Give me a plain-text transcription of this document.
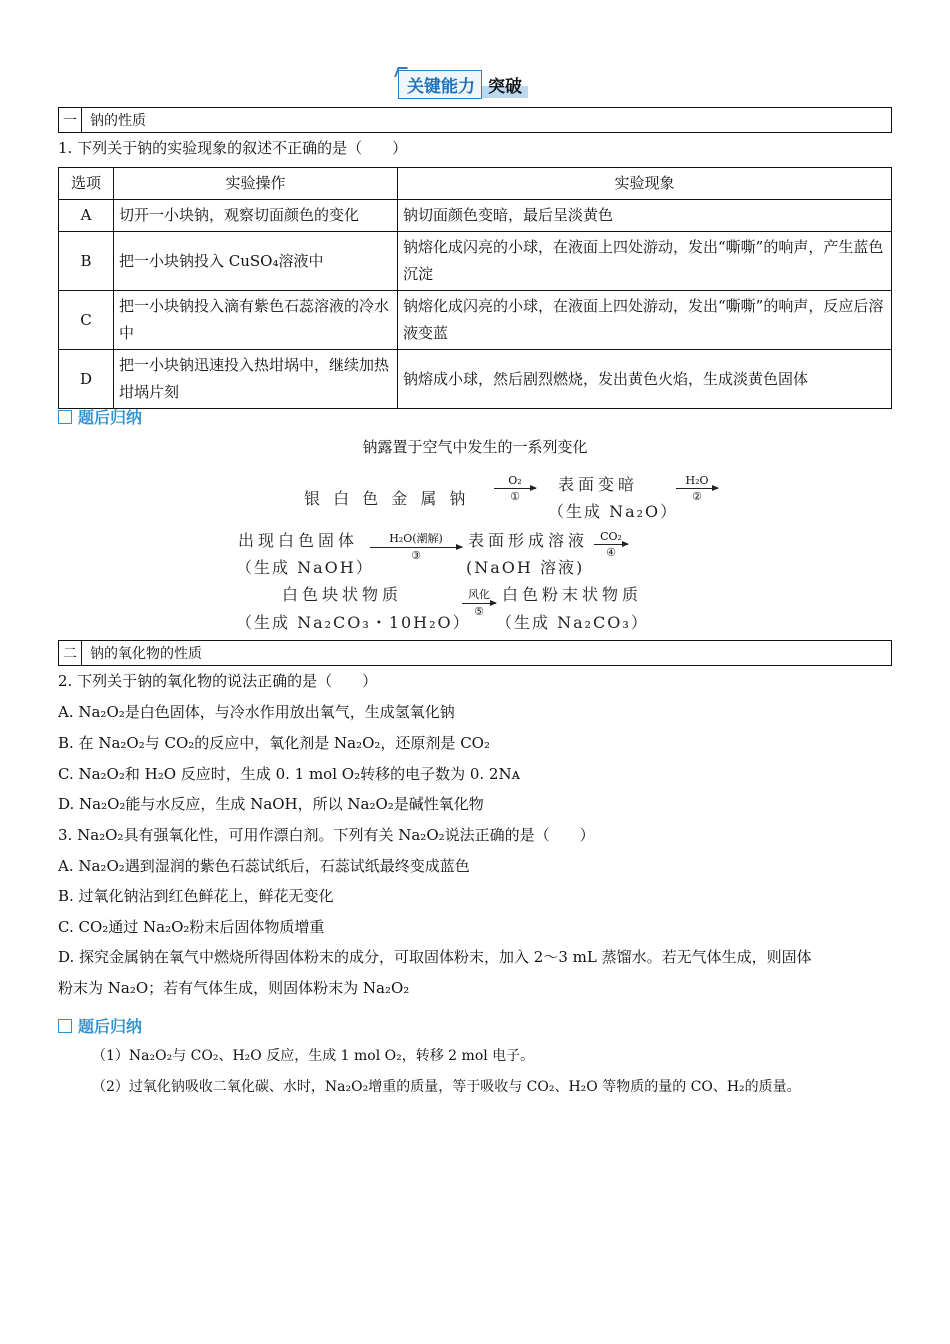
关键能力 突破
一 钠的性质
1. 下列关于钠的实验现象的叙述不正确的是（　　）
选项	实验操作	实验现象
A	切开一小块钠，观察切面颜色的变化	钠切面颜色变暗，最后呈淡黄色
B	把一小块钠投入 CuSO₄溶液中	钠熔化成闪亮的小球，在液面上四处游动，发出“嘶嘶”的响声，产生蓝色沉淀
C	把一小块钠投入滴有紫色石蕊溶液的冷水中	钠熔化成闪亮的小球，在液面上四处游动，发出“嘶嘶”的响声，反应后溶液变蓝
D	把一小块钠迅速投入热坩埚中，继续加热坩埚片刻	钠熔成小球，然后剧烈燃烧，发出黄色火焰，生成淡黄色固体
题后归纳
钠露置于空气中发生的一系列变化
银 白 色 金 属 钠
O₂
①
表面变暗
（生成 Na₂O）
H₂O
②
出现白色固体
（生成 NaOH）
H₂O(潮解)
③
表面形成溶液
(NaOH 溶液)
CO₂
④
白色块状物质
（生成 Na₂CO₃・10H₂O）
风化
⑤
白色粉末状物质
（生成 Na₂CO₃）
二 钠的氧化物的性质
2. 下列关于钠的氧化物的说法正确的是（　　）
A. Na₂O₂是白色固体，与冷水作用放出氧气，生成氢氧化钠
B. 在 Na₂O₂与 CO₂的反应中，氧化剂是 Na₂O₂，还原剂是 CO₂
C. Na₂O₂和 H₂O 反应时，生成 0. 1 mol O₂转移的电子数为 0. 2Nᴀ
D. Na₂O₂能与水反应，生成 NaOH，所以 Na₂O₂是碱性氧化物
3. Na₂O₂具有强氧化性，可用作漂白剂。下列有关 Na₂O₂说法正确的是（　　）
A. Na₂O₂遇到湿润的紫色石蕊试纸后，石蕊试纸最终变成蓝色
B. 过氧化钠沾到红色鲜花上，鲜花无变化
C. CO₂通过 Na₂O₂粉末后固体物质增重
D. 探究金属钠在氧气中燃烧所得固体粉末的成分，可取固体粉末，加入 2～3 mL 蒸馏水。若无气体生成，则固体
粉末为 Na₂O；若有气体生成，则固体粉末为 Na₂O₂
题后归纳
（1）Na₂O₂与 CO₂、H₂O 反应，生成 1 mol O₂，转移 2 mol 电子。
（2）过氧化钠吸收二氧化碳、水时，Na₂O₂增重的质量，等于吸收与 CO₂、H₂O 等物质的量的 CO、H₂的质量。
